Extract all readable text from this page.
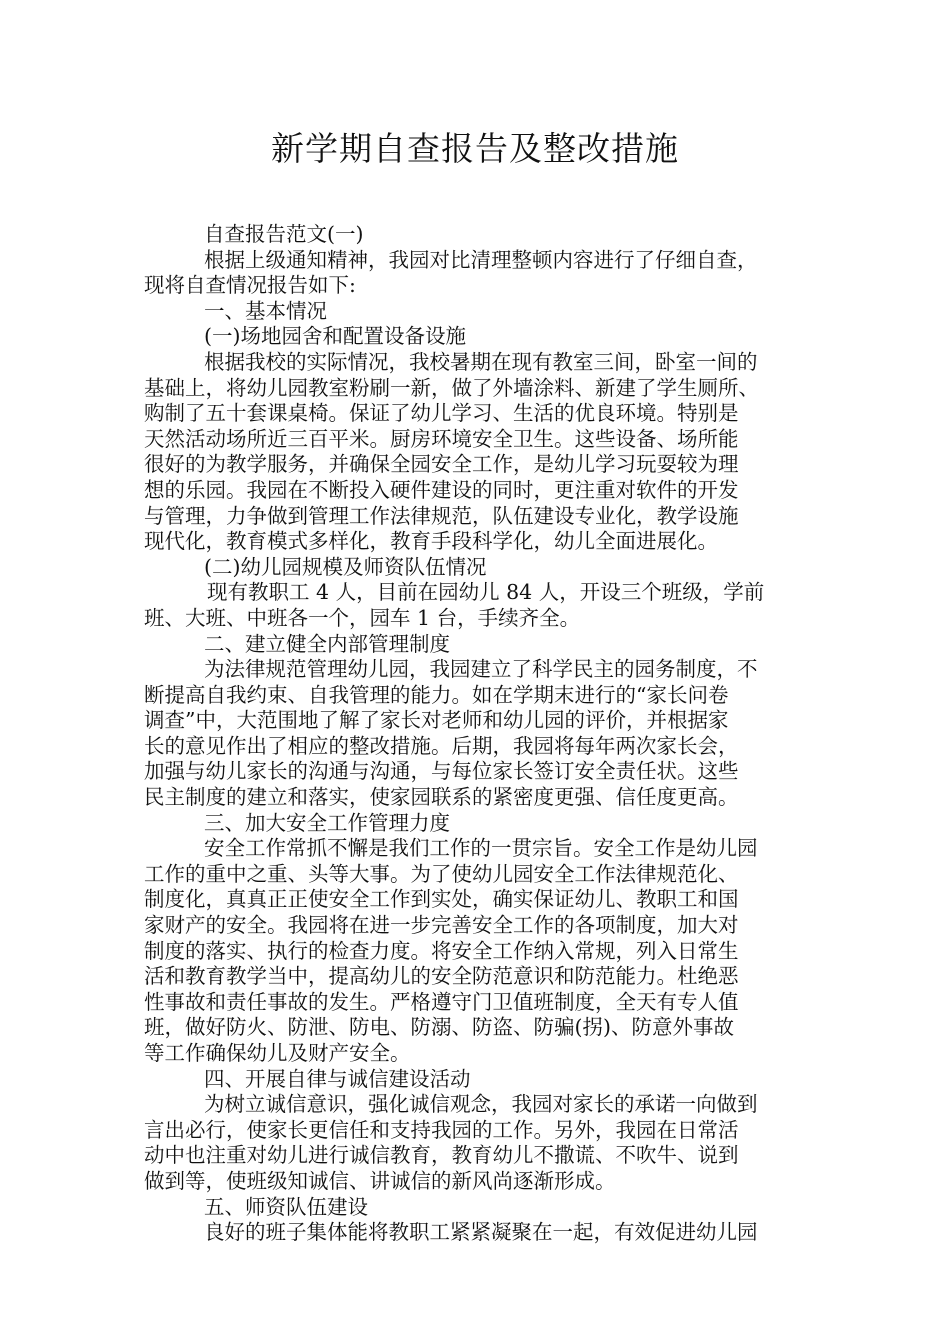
新学期自查报告及整改措施

自查报告范文(一)

根据上级通知精神，我园对比清理整顿内容进行了仔细自查，

现将自查情况报告如下:

一、基本情况

(一)场地园舍和配置设备设施

根据我校的实际情况，我校暑期在现有教室三间，卧室一间的

基础上，将幼儿园教室粉刷一新，做了外墙涂料、新建了学生厕所、

购制了五十套课桌椅。保证了幼儿学习、生活的优良环境。特别是

天然活动场所近三百平米。厨房环境安全卫生。这些设备、场所能

很好的为教学服务，并确保全园安全工作，是幼儿学习玩耍较为理

想的乐园。我园在不断投入硬件建设的同时，更注重对软件的开发

与管理，力争做到管理工作法律规范，队伍建设专业化，教学设施

现代化，教育模式多样化，教育手段科学化，幼儿全面进展化。

(二)幼儿园规模及师资队伍情况

现有教职工 4 人，目前在园幼儿 84 人，开设三个班级，学前

班、大班、中班各一个，园车 1 台，手续齐全。

二、建立健全内部管理制度

为法律规范管理幼儿园，我园建立了科学民主的园务制度，不

断提高自我约束、自我管理的能力。如在学期末进行的“家长问卷

调查”中，大范围地了解了家长对老师和幼儿园的评价，并根据家

长的意见作出了相应的整改措施。后期，我园将每年两次家长会，

加强与幼儿家长的沟通与沟通，与每位家长签订安全责任状。这些

民主制度的建立和落实，使家园联系的紧密度更强、信任度更高。

三、加大安全工作管理力度

安全工作常抓不懈是我们工作的一贯宗旨。安全工作是幼儿园

工作的重中之重、头等大事。为了使幼儿园安全工作法律规范化、

制度化，真真正正使安全工作到实处，确实保证幼儿、教职工和国

家财产的安全。我园将在进一步完善安全工作的各项制度，加大对

制度的落实、执行的检查力度。将安全工作纳入常规，列入日常生

活和教育教学当中，提高幼儿的安全防范意识和防范能力。杜绝恶

性事故和责任事故的发生。严格遵守门卫值班制度，全天有专人值

班，做好防火、防泄、防电、防溺、防盗、防骗(拐)、防意外事故

等工作确保幼儿及财产安全。

四、开展自律与诚信建设活动

为树立诚信意识，强化诚信观念，我园对家长的承诺一向做到

言出必行，使家长更信任和支持我园的工作。另外，我园在日常活

动中也注重对幼儿进行诚信教育，教育幼儿不撒谎、不吹牛、说到

做到等，使班级知诚信、讲诚信的新风尚逐渐形成。

五、师资队伍建设

良好的班子集体能将教职工紧紧凝聚在一起，有效促进幼儿园
